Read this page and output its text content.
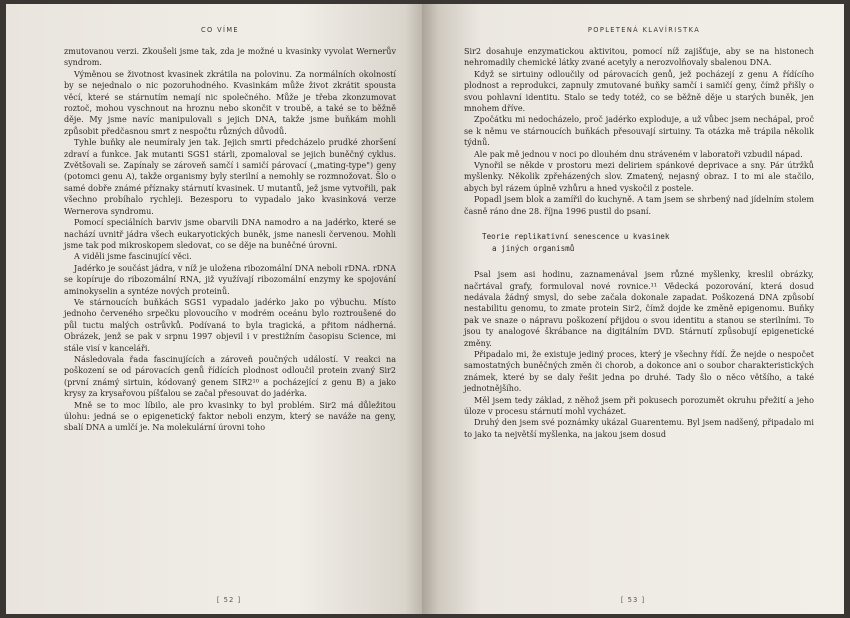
CO VÍME

zmutovanou verzi. Zkoušeli jsme tak, zda je možné u kvasinky vyvolat Wernerův syndrom.

Výměnou se životnost kvasinek zkrátila na polovinu. Za normálních okolností by se nejednalo o nic pozoruhodného. Kvasinkám může život zkrátit spousta věcí, které se stárnutím nemají nic společného. Může je třeba zkonzumovat roztoč, mohou vyschnout na hroznu nebo skončit v troubě, a také se to běžně děje. My jsme navíc manipulovali s jejich DNA, takže jsme buňkám mohli způsobit předčasnou smrt z nespočtu různých důvodů.

Tyhle buňky ale neumíraly jen tak. Jejich smrti předcházelo prudké zhoršení zdraví a funkce. Jak mutanti SGS1 stárli, zpomaloval se jejich buněčný cyklus. Zvětšovali se. Zapínaly se zároveň samčí i samičí párovací („mating-type") geny (potomci genu A), takže organismy byly sterilní a nemohly se rozmnožovat. Šlo o samé dobře známé příznaky stárnutí kvasinek. U mutantů, jež jsme vytvořili, pak všechno probíhalo rychleji. Bezesporu to vypadalo jako kvasinková verze Wernerova syndromu.

Pomocí speciálních barviv jsme obarvili DNA namodro a na jadérko, které se nachází uvnitř jádra všech eukaryotických buněk, jsme nanesli červenou. Mohli jsme tak pod mikroskopem sledovat, co se děje na buněčné úrovni.

A viděli jsme fascinující věci.

Jadérko je součást jádra, v níž je uložena ribozomální DNA neboli rDNA. rDNA se kopíruje do ribozomální RNA, již využívají ribozomální enzymy ke spojování aminokyselin a syntéze nových proteinů.

Ve stárnoucích buňkách SGS1 vypadalo jadérko jako po výbuchu. Místo jednoho červeného srpečku plovoucího v modrém oceánu bylo roztroušené do půl tuctu malých ostrůvků. Podívaná to byla tragická, a přitom nádherná. Obrázek, jenž se pak v srpnu 1997 objevil i v prestižním časopisu Science, mi stále visí v kanceláři.

Následovala řada fascinujících a zároveň poučných událostí. V reakci na poškození se od párovacích genů řídících plodnost odloučil protein zvaný Sir2 (první známý sirtuin, kódovaný genem SIR2¹⁰ a pocházející z genu B) a jako krysy za krysařovou píšťalou se začal přesouvat do jadérka.

Mně se to moc líbilo, ale pro kvasinky to byl problém. Sir2 má důležitou úlohu: jedná se o epigenetický faktor neboli enzym, který se naváže na geny, sbalí DNA a umlčí je. Na molekulární úrovni toho

[ 52 ]
POPLETENÁ KLAVÍRISTKA

Sir2 dosahuje enzymatickou aktivitou, pomocí níž zajišťuje, aby se na histonech nehromadily chemické látky zvané acetyly a nerozvolňovaly sbalenou DNA.

Když se sirtuiny odloučily od párovacích genů, jež pocházejí z genu A řídícího plodnost a reprodukci, zapnuly zmutované buňky samčí i samičí geny, čímž přišly o svou pohlavní identitu. Stalo se tedy totéž, co se běžně děje u starých buněk, jen mnohem dříve.

Zpočátku mi nedocházelo, proč jadérko exploduje, a už vůbec jsem nechápal, proč se k němu ve stárnoucích buňkách přesouvají sirtuiny. Ta otázka mě trápila několik týdnů.

Ale pak mě jednou v noci po dlouhém dnu stráveném v laboratoři vzbudil nápad.

Vynořil se někde v prostoru mezi deliriem spánkové deprivace a sny. Pár útržků myšlenky. Několik zpřeházených slov. Zmatený, nejasný obraz. I to mi ale stačilo, abych byl rázem úplně vzhůru a hned vyskočil z postele.

Popadl jsem blok a zamířil do kuchyně. A tam jsem se shrbený nad jídelním stolem časně ráno dne 28. října 1996 pustil do psaní.

Teorie replikativní senescence u kvasinek
a jiných organismů

Psal jsem asi hodinu, zaznamenával jsem různé myšlenky, kreslil obrázky, načrtával grafy, formuloval nové rovnice.¹¹ Vědecká pozorování, která dosud nedávala žádný smysl, do sebe začala dokonale zapadat. Poškozená DNA způsobí nestabilitu genomu, to zmate protein Sir2, čímž dojde ke změně epigenomu. Buňky pak ve snaze o nápravu poškození přijdou o svou identitu a stanou se sterilními. To jsou ty analogové škrábance na digitálním DVD. Stárnutí způsobují epigenetické změny.

Připadalo mi, že existuje jediný proces, který je všechny řídí. Že nejde o nespočet samostatných buněčných změn či chorob, a dokonce ani o soubor charakteristických známek, které by se daly řešit jedna po druhé. Tady šlo o něco většího, a také jednotnějšího.

Měl jsem tedy základ, z něhož jsem při pokusech porozumět okruhu přežití a jeho úloze v procesu stárnutí mohl vycházet.

Druhý den jsem své poznámky ukázal Guarentemu. Byl jsem nadšený, připadalo mi to jako ta největší myšlenka, na jakou jsem dosud

[ 53 ]
